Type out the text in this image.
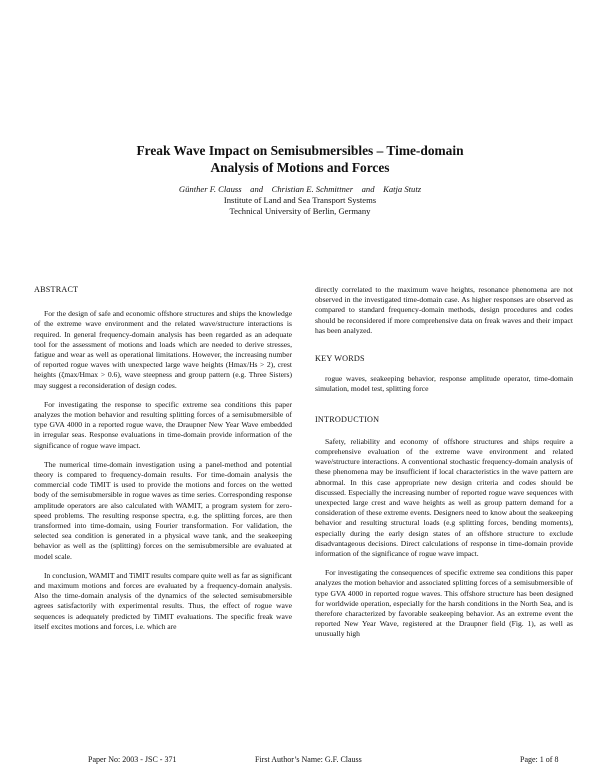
Freak Wave Impact on Semisubmersibles – Time-domain
Analysis of Motions and Forces
Günther F. Clauss    and    Christian E. Schmittner    and    Katja Stutz
Institute of Land and Sea Transport Systems
Technical University of Berlin, Germany

ABSTRACT

For the design of safe and economic offshore structures and ships the knowledge of the extreme wave environment and the related wave/structure interactions is required. In general frequency-domain analysis has been regarded as an adequate tool for the assessment of motions and loads which are needed to derive stresses, fatigue and wear as well as operational limitations. However, the increasing number of reported rogue waves with unexpected large wave heights (Hmax/Hs > 2), crest heights (ζmax/Hmax > 0.6), wave steepness and group pattern (e.g. Three Sisters) may suggest a reconsideration of design codes.

For investigating the response to specific extreme sea conditions this paper analyzes the motion behavior and resulting splitting forces of a semisubmersible of type GVA 4000 in a reported rogue wave, the Draupner New Year Wave embedded in irregular seas. Response evaluations in time-domain provide information of the significance of rogue wave impact.

The numerical time-domain investigation using a panel-method and potential theory is compared to frequency-domain results. For time-domain analysis the commercial code TiMIT is used to provide the motions and forces on the wetted body of the semisubmersible in rogue waves as time series. Corresponding response amplitude operators are also calculated with WAMIT, a program system for zero-speed problems. The resulting response spectra, e.g. the splitting forces, are then transformed into time-domain, using Fourier transformation. For validation, the selected sea condition is generated in a physical wave tank, and the seakeeping behavior as well as the (splitting) forces on the semisubmersible are evaluated at model scale.

In conclusion, WAMIT and TiMIT results compare quite well as far as significant and maximum motions and forces are evaluated by a frequency-domain analysis. Also the time-domain analysis of the dynamics of the selected semisubmersible agrees satisfactorily with experimental results. Thus, the effect of rogue wave sequences is adequately predicted by TiMIT evaluations. The specific freak wave itself excites motions and forces, i.e. which are

directly correlated to the maximum wave heights, resonance phenomena are not observed in the investigated time-domain case. As higher responses are observed as compared to standard frequency-domain methods, design procedures and codes should be reconsidered if more comprehensive data on freak waves and their impact has been analyzed.

KEY WORDS

rogue waves, seakeeping behavior, response amplitude operator, time-domain simulation, model test, splitting force

INTRODUCTION

Safety, reliability and economy of offshore structures and ships require a comprehensive evaluation of the extreme wave environment and related wave/structure interactions. A conventional stochastic frequency-domain analysis of these phenomena may be insufficient if local characteristics in the wave pattern are abnormal. In this case appropriate new design criteria and codes should be discussed. Especially the increasing number of reported rogue wave sequences with unexpected large crest and wave heights as well as group pattern demand for a consideration of these extreme events. Designers need to know about the seakeeping behavior and resulting structural loads (e.g splitting forces, bending moments), especially during the early design states of an offshore structure to exclude disadvantageous decisions. Direct calculations of response in time-domain provide information of the significance of rogue wave impact.

For investigating the consequences of specific extreme sea conditions this paper analyzes the motion behavior and associated splitting forces of a semisubmersible of type GVA 4000 in reported rogue waves. This offshore structure has been designed for worldwide operation, especially for the harsh conditions in the North Sea, and is therefore characterized by favorable seakeeping behavior. As an extreme event the reported New Year Wave, registered at the Draupner field (Fig. 1), as well as unusually high

Paper No: 2003 - JSC - 371	First Author’s Name: G.F. Clauss	Page: 1 of 8
